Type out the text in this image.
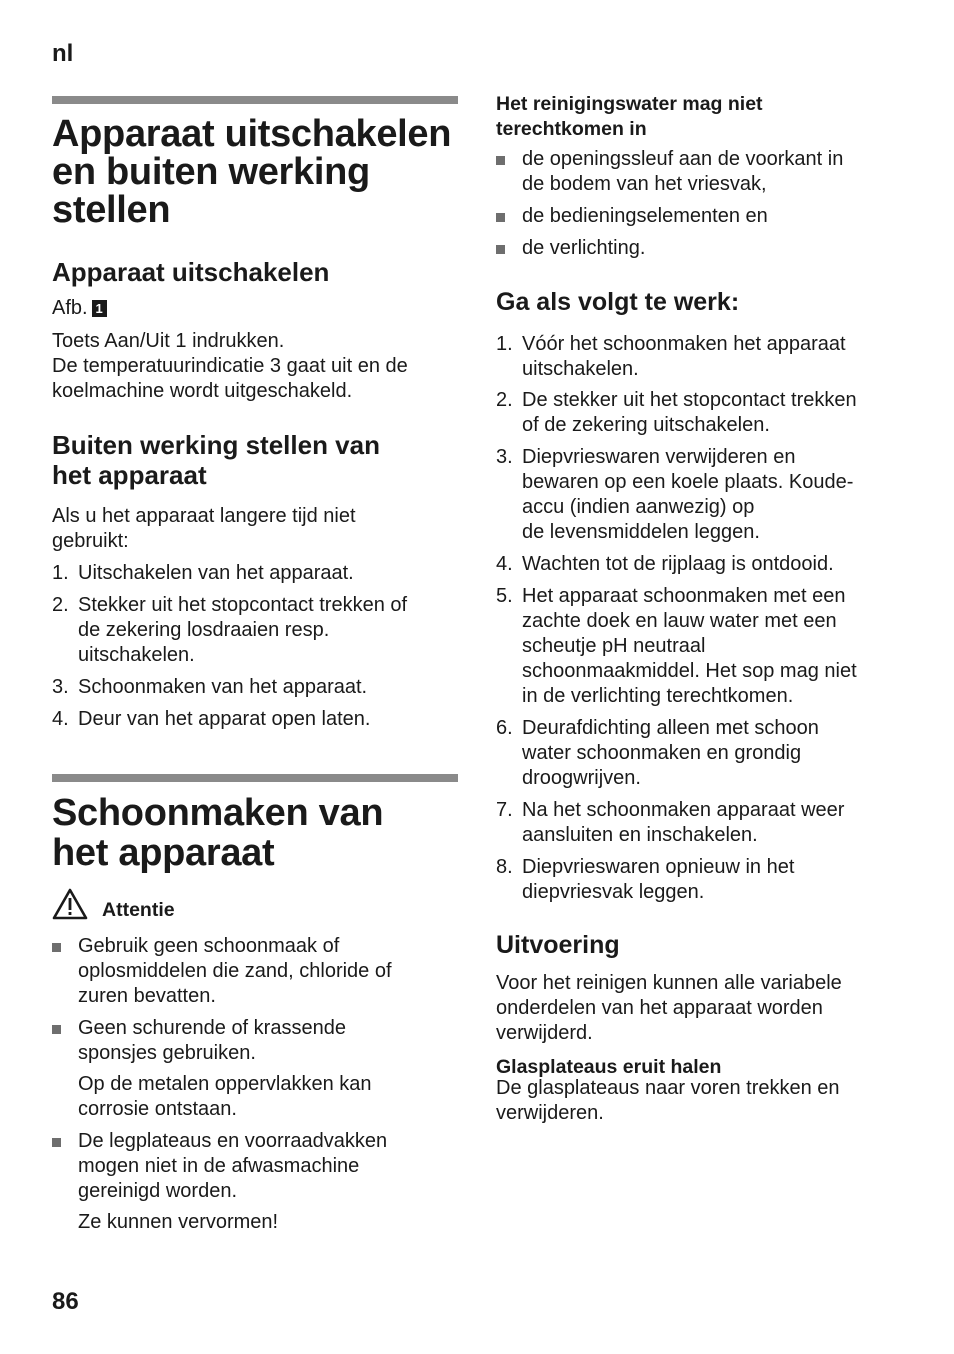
nl
Apparaat uitschakelen
en buiten werking
stellen
Apparaat uitschakelen
Afb. 1
Toets Aan/Uit 1 indrukken.
De temperatuurindicatie 3 gaat uit en de
koelmachine wordt uitgeschakeld.
Buiten werking stellen van
het apparaat
Als u het apparaat langere tijd niet
gebruikt:
1. Uitschakelen van het apparaat.
2. Stekker uit het stopcontact trekken of
de zekering losdraaien resp.
uitschakelen.
3. Schoonmaken van het apparaat.
4. Deur van het apparat open laten.
Schoonmaken van
het apparaat
Attentie
Gebruik geen schoonmaak of
oplosmiddelen die zand, chloride of
zuren bevatten.
Geen schurende of krassende
sponsjes gebruiken.
Op de metalen oppervlakken kan
corrosie ontstaan.
De legplateaus en voorraadvakken
mogen niet in de afwasmachine
gereinigd worden.
Ze kunnen vervormen!
Het reinigingswater mag niet
terechtkomen in
de openingssleuf aan de voorkant in
de bodem van het vriesvak,
de bedieningselementen en
de verlichting.
Ga als volgt te werk:
1. Vóór het schoonmaken het apparaat
uitschakelen.
2. De stekker uit het stopcontact trekken
of de zekering uitschakelen.
3. Diepvrieswaren verwijderen en
bewaren op een koele plaats. Koude-
accu (indien aanwezig) op
de levensmiddelen leggen.
4. Wachten tot de rijplaag is ontdooid.
5. Het apparaat schoonmaken met een
zachte doek en lauw water met een
scheutje pH neutraal
schoonmaakmiddel. Het sop mag niet
in de verlichting terechtkomen.
6. Deurafdichting alleen met schoon
water schoonmaken en grondig
droogwrijven.
7. Na het schoonmaken apparaat weer
aansluiten en inschakelen.
8. Diepvrieswaren opnieuw in het
diepvriesvak leggen.
Uitvoering
Voor het reinigen kunnen alle variabele
onderdelen van het apparaat worden
verwijderd.
Glasplateaus eruit halen
De glasplateaus naar voren trekken en
verwijderen.
86
